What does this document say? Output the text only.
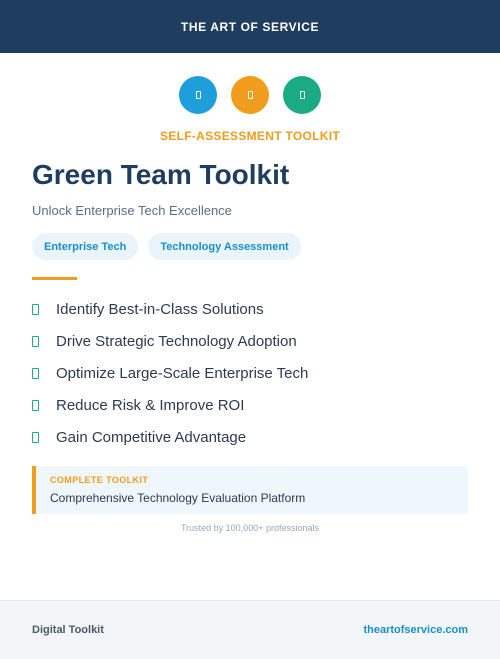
THE ART OF SERVICE
SELF-ASSESSMENT TOOLKIT
Green Team Toolkit
Unlock Enterprise Tech Excellence
Enterprise Tech	Technology Assessment
Identify Best-in-Class Solutions
Drive Strategic Technology Adoption
Optimize Large-Scale Enterprise Tech
Reduce Risk & Improve ROI
Gain Competitive Advantage
COMPLETE TOOLKIT
Comprehensive Technology Evaluation Platform
Trusted by 100,000+ professionals
Digital Toolkit	theartofservice.com
